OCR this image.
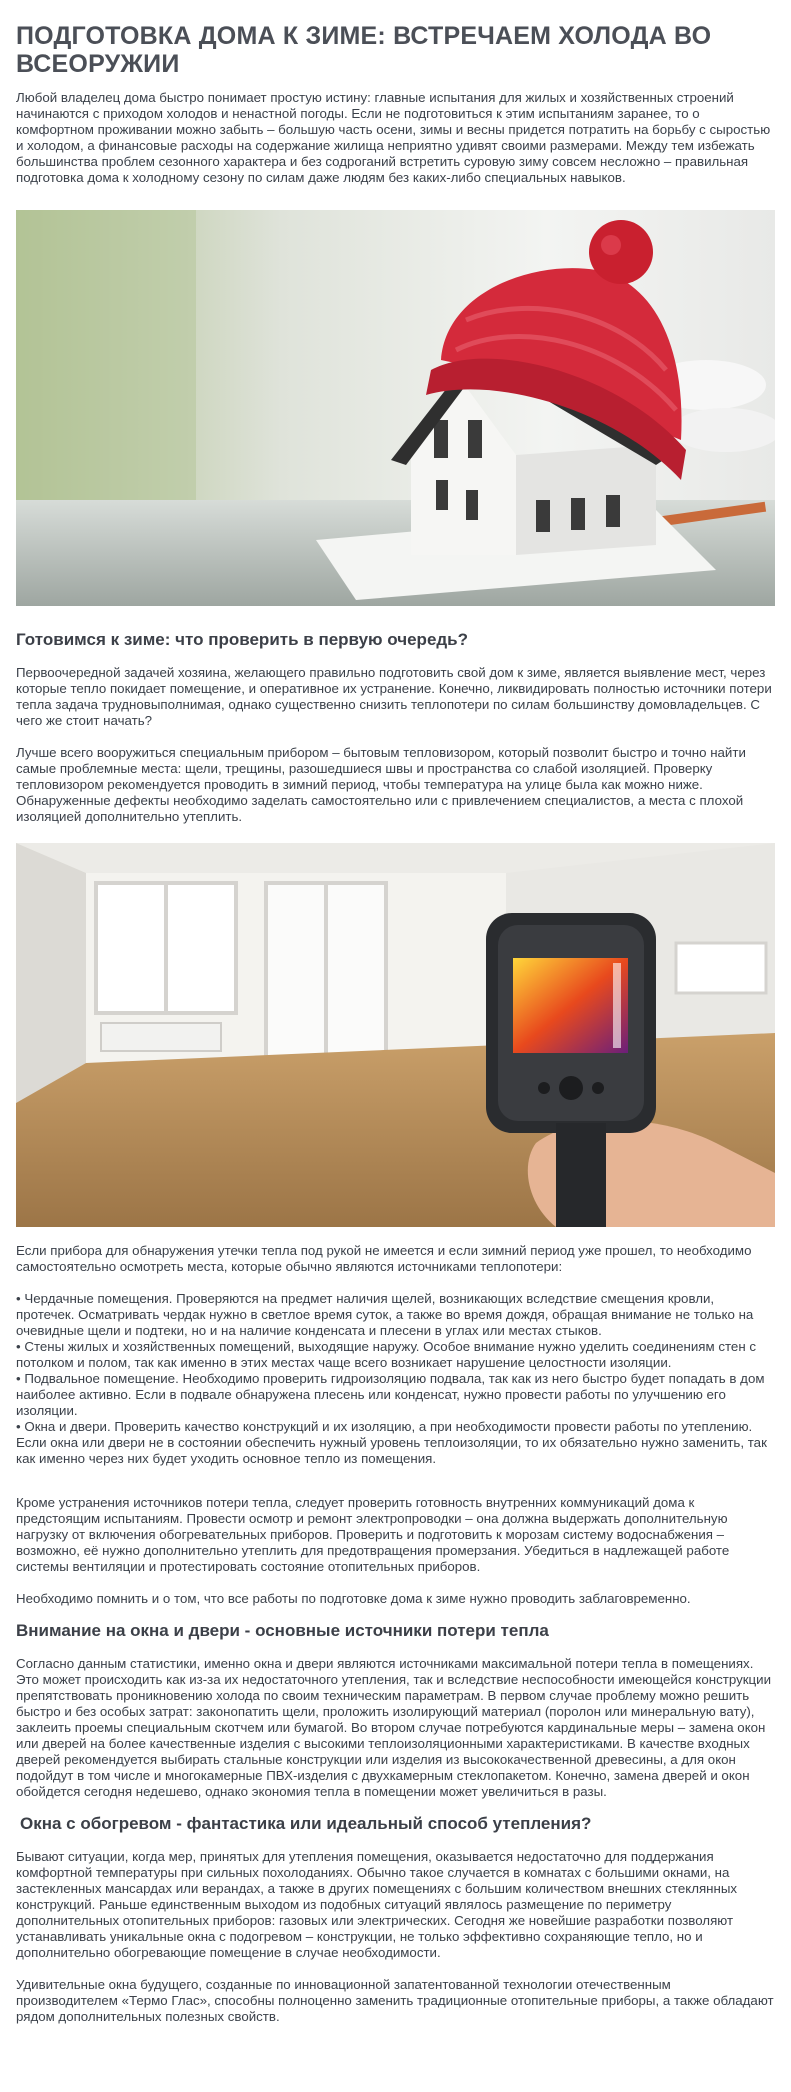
ПОДГОТОВКА ДОМА К ЗИМЕ: ВСТРЕЧАЕМ ХОЛОДА ВО ВСЕОРУЖИИ

Любой владелец дома быстро понимает простую истину: главные испытания для жилых и хозяйственных строений начинаются с приходом холодов и ненастной погоды. Если не подготовиться к этим испытаниям заранее, то о комфортном проживании можно забыть – большую часть осени, зимы и весны придется потратить на борьбу с сыростью и холодом, а финансовые расходы на содержание жилища неприятно удивят своими размерами. Между тем избежать большинства проблем сезонного характера и без содроганий встретить суровую зиму совсем несложно – правильная подготовка дома к холодному сезону по силам даже людям без каких-либо специальных навыков.

Готовимся к зиме: что проверить в первую очередь?

Первоочередной задачей хозяина, желающего правильно подготовить свой дом к зиме, является выявление мест, через которые тепло покидает помещение, и оперативное их устранение. Конечно, ликвидировать полностью источники потери тепла задача трудновыполнимая, однако существенно снизить теплопотери по силам большинству домовладельцев. С чего же стоит начать?

Лучше всего вооружиться специальным прибором – бытовым тепловизором, который позволит быстро и точно найти самые проблемные места: щели, трещины, разошедшиеся швы и пространства со слабой изоляцией. Проверку тепловизором рекомендуется проводить в зимний период, чтобы температура на улице была как можно ниже. Обнаруженные дефекты необходимо заделать самостоятельно или с привлечением специалистов, а места с плохой изоляцией дополнительно утеплить.

Если прибора для обнаружения утечки тепла под рукой не имеется и если зимний период уже прошел, то необходимо самостоятельно осмотреть места, которые обычно являются источниками теплопотери:

• Чердачные помещения. Проверяются на предмет наличия щелей, возникающих вследствие смещения кровли, протечек. Осматривать чердак нужно в светлое время суток, а также во время дождя, обращая внимание не только на очевидные щели и подтеки, но и на наличие конденсата и плесени в углах или местах стыков.
• Стены жилых и хозяйственных помещений, выходящие наружу. Особое внимание нужно уделить соединениям стен с потолком и полом, так как именно в этих местах чаще всего возникает нарушение целостности изоляции.
• Подвальное помещение. Необходимо проверить гидроизоляцию подвала, так как из него быстро будет попадать в дом наиболее активно. Если в подвале обнаружена плесень или конденсат, нужно провести работы по улучшению его изоляции.
• Окна и двери. Проверить качество конструкций и их изоляцию, а при необходимости провести работы по утеплению. Если окна или двери не в состоянии обеспечить нужный уровень теплоизоляции, то их обязательно нужно заменить, так как именно через них будет уходить основное тепло из помещения.

Кроме устранения источников потери тепла, следует проверить готовность внутренних коммуникаций дома к предстоящим испытаниям. Провести осмотр и ремонт электропроводки – она должна выдержать дополнительную нагрузку от включения обогревательных приборов. Проверить и подготовить к морозам систему водоснабжения – возможно, её нужно дополнительно утеплить для предотвращения промерзания. Убедиться в надлежащей работе системы вентиляции и протестировать состояние отопительных приборов.

Необходимо помнить и о том, что все работы по подготовке дома к зиме нужно проводить заблаговременно.

Внимание на окна и двери - основные источники потери тепла

Согласно данным статистики, именно окна и двери являются источниками максимальной потери тепла в помещениях. Это может происходить как из-за их недостаточного утепления, так и вследствие неспособности имеющейся конструкции препятствовать проникновению холода по своим техническим параметрам. В первом случае проблему можно решить быстро и без особых затрат: законопатить щели, проложить изолирующий материал (поролон или минеральную вату), заклеить проемы специальным скотчем или бумагой. Во втором случае потребуются кардинальные меры – замена окон или дверей на более качественные изделия с высокими теплоизоляционными характеристиками. В качестве входных дверей рекомендуется выбирать стальные конструкции или изделия из высококачественной древесины, а для окон подойдут в том числе и многокамерные ПВХ-изделия с двухкамерным стеклопакетом. Конечно, замена дверей и окон обойдется сегодня недешево, однако экономия тепла в помещении может увеличиться в разы.

Окна с обогревом - фантастика или идеальный способ утепления?

Бывают ситуации, когда мер, принятых для утепления помещения, оказывается недостаточно для поддержания комфортной температуры при сильных похолоданиях. Обычно такое случается в комнатах с большими окнами, на застекленных мансардах или верандах, а также в других помещениях с большим количеством внешних стеклянных конструкций. Раньше единственным выходом из подобных ситуаций являлось размещение по периметру дополнительных отопительных приборов: газовых или электрических. Сегодня же новейшие разработки позволяют устанавливать уникальные окна с подогревом – конструкции, не только эффективно сохраняющие тепло, но и дополнительно обогревающие помещение в случае необходимости.

Удивительные окна будущего, созданные по инновационной запатентованной технологии отечественным производителем «Термо Глас», способны полноценно заменить традиционные отопительные приборы, а также обладают рядом дополнительных полезных свойств.
